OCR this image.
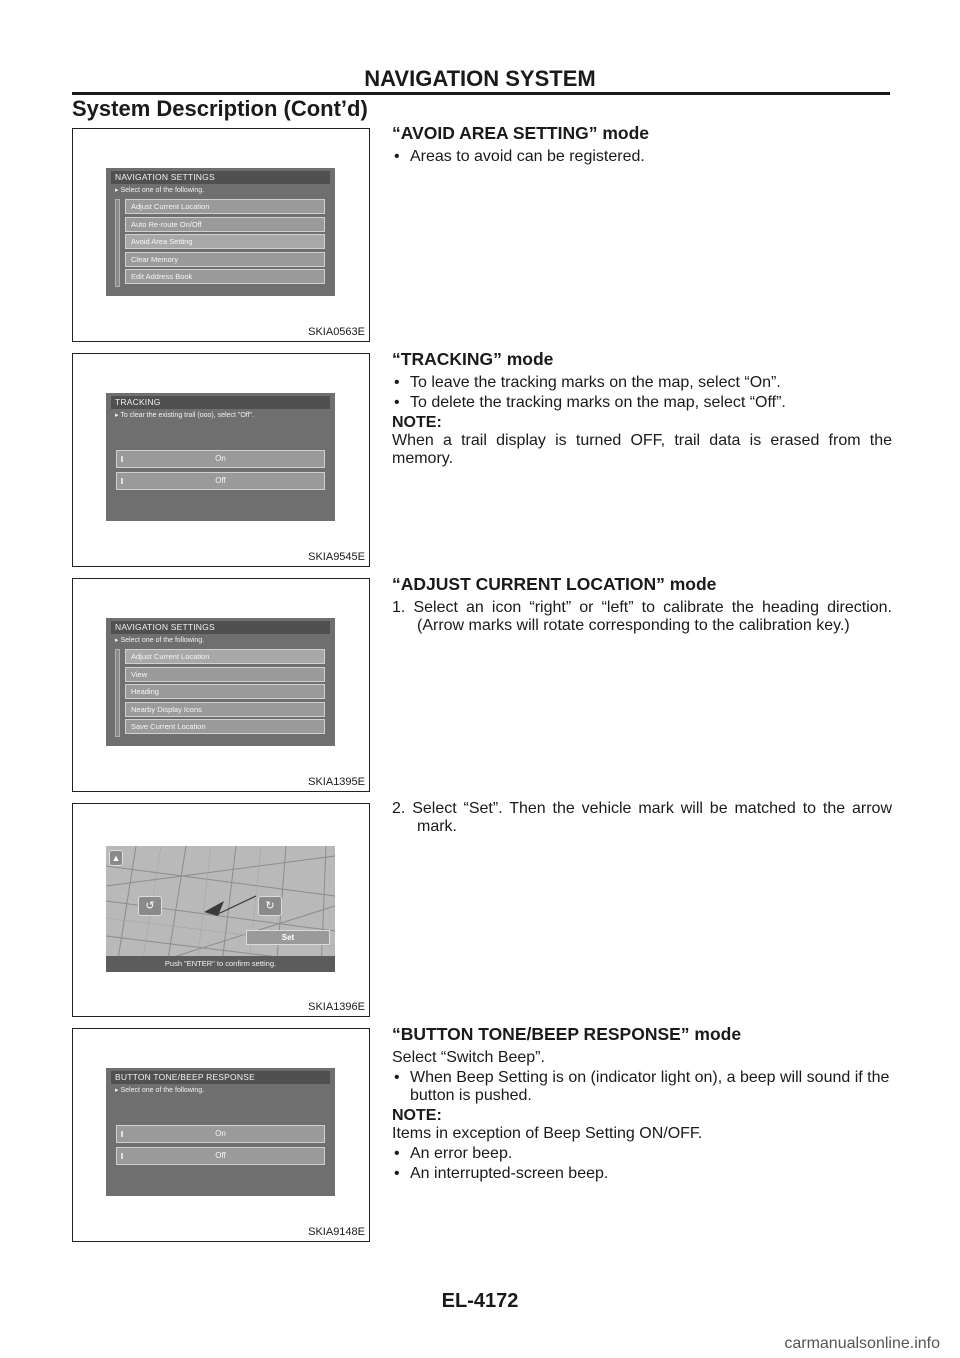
NAVIGATION SYSTEM
System Description (Cont’d)
NAVIGATION SETTINGS
▸ Select one of the following.
Adjust Current Location
Auto Re-route On/Off
Avoid Area Setting
Clear Memory
Edit Address Book
SKIA0563E
“AVOID AREA SETTING” mode
• Areas to avoid can be registered.
TRACKING
▸ To clear the existing trail (ooo), select "Off".
On
Off
SKIA9545E
“TRACKING” mode
• To leave the tracking marks on the map, select “On”.
• To delete the tracking marks on the map, select “Off”.
NOTE:
When a trail display is turned OFF, trail data is erased from the memory.
NAVIGATION SETTINGS
▸ Select one of the following.
Adjust Current Location
View
Heading
Nearby Display Icons
Save Current Location
SKIA1395E
“ADJUST CURRENT LOCATION” mode
1. Select an icon “right” or “left” to calibrate the heading direction. (Arrow marks will rotate corresponding to the calibration key.)
▲
↺	↻
Set
Push "ENTER" to confirm setting.
SKIA1396E
2. Select “Set”. Then the vehicle mark will be matched to the arrow mark.
BUTTON TONE/BEEP RESPONSE
▸ Select one of the following.
On
Off
SKIA9148E
“BUTTON TONE/BEEP RESPONSE” mode
Select “Switch Beep”.
• When Beep Setting is on (indicator light on), a beep will sound if the button is pushed.
NOTE:
Items in exception of Beep Setting ON/OFF.
• An error beep.
• An interrupted-screen beep.
EL-4172
carmanualsonline.info
